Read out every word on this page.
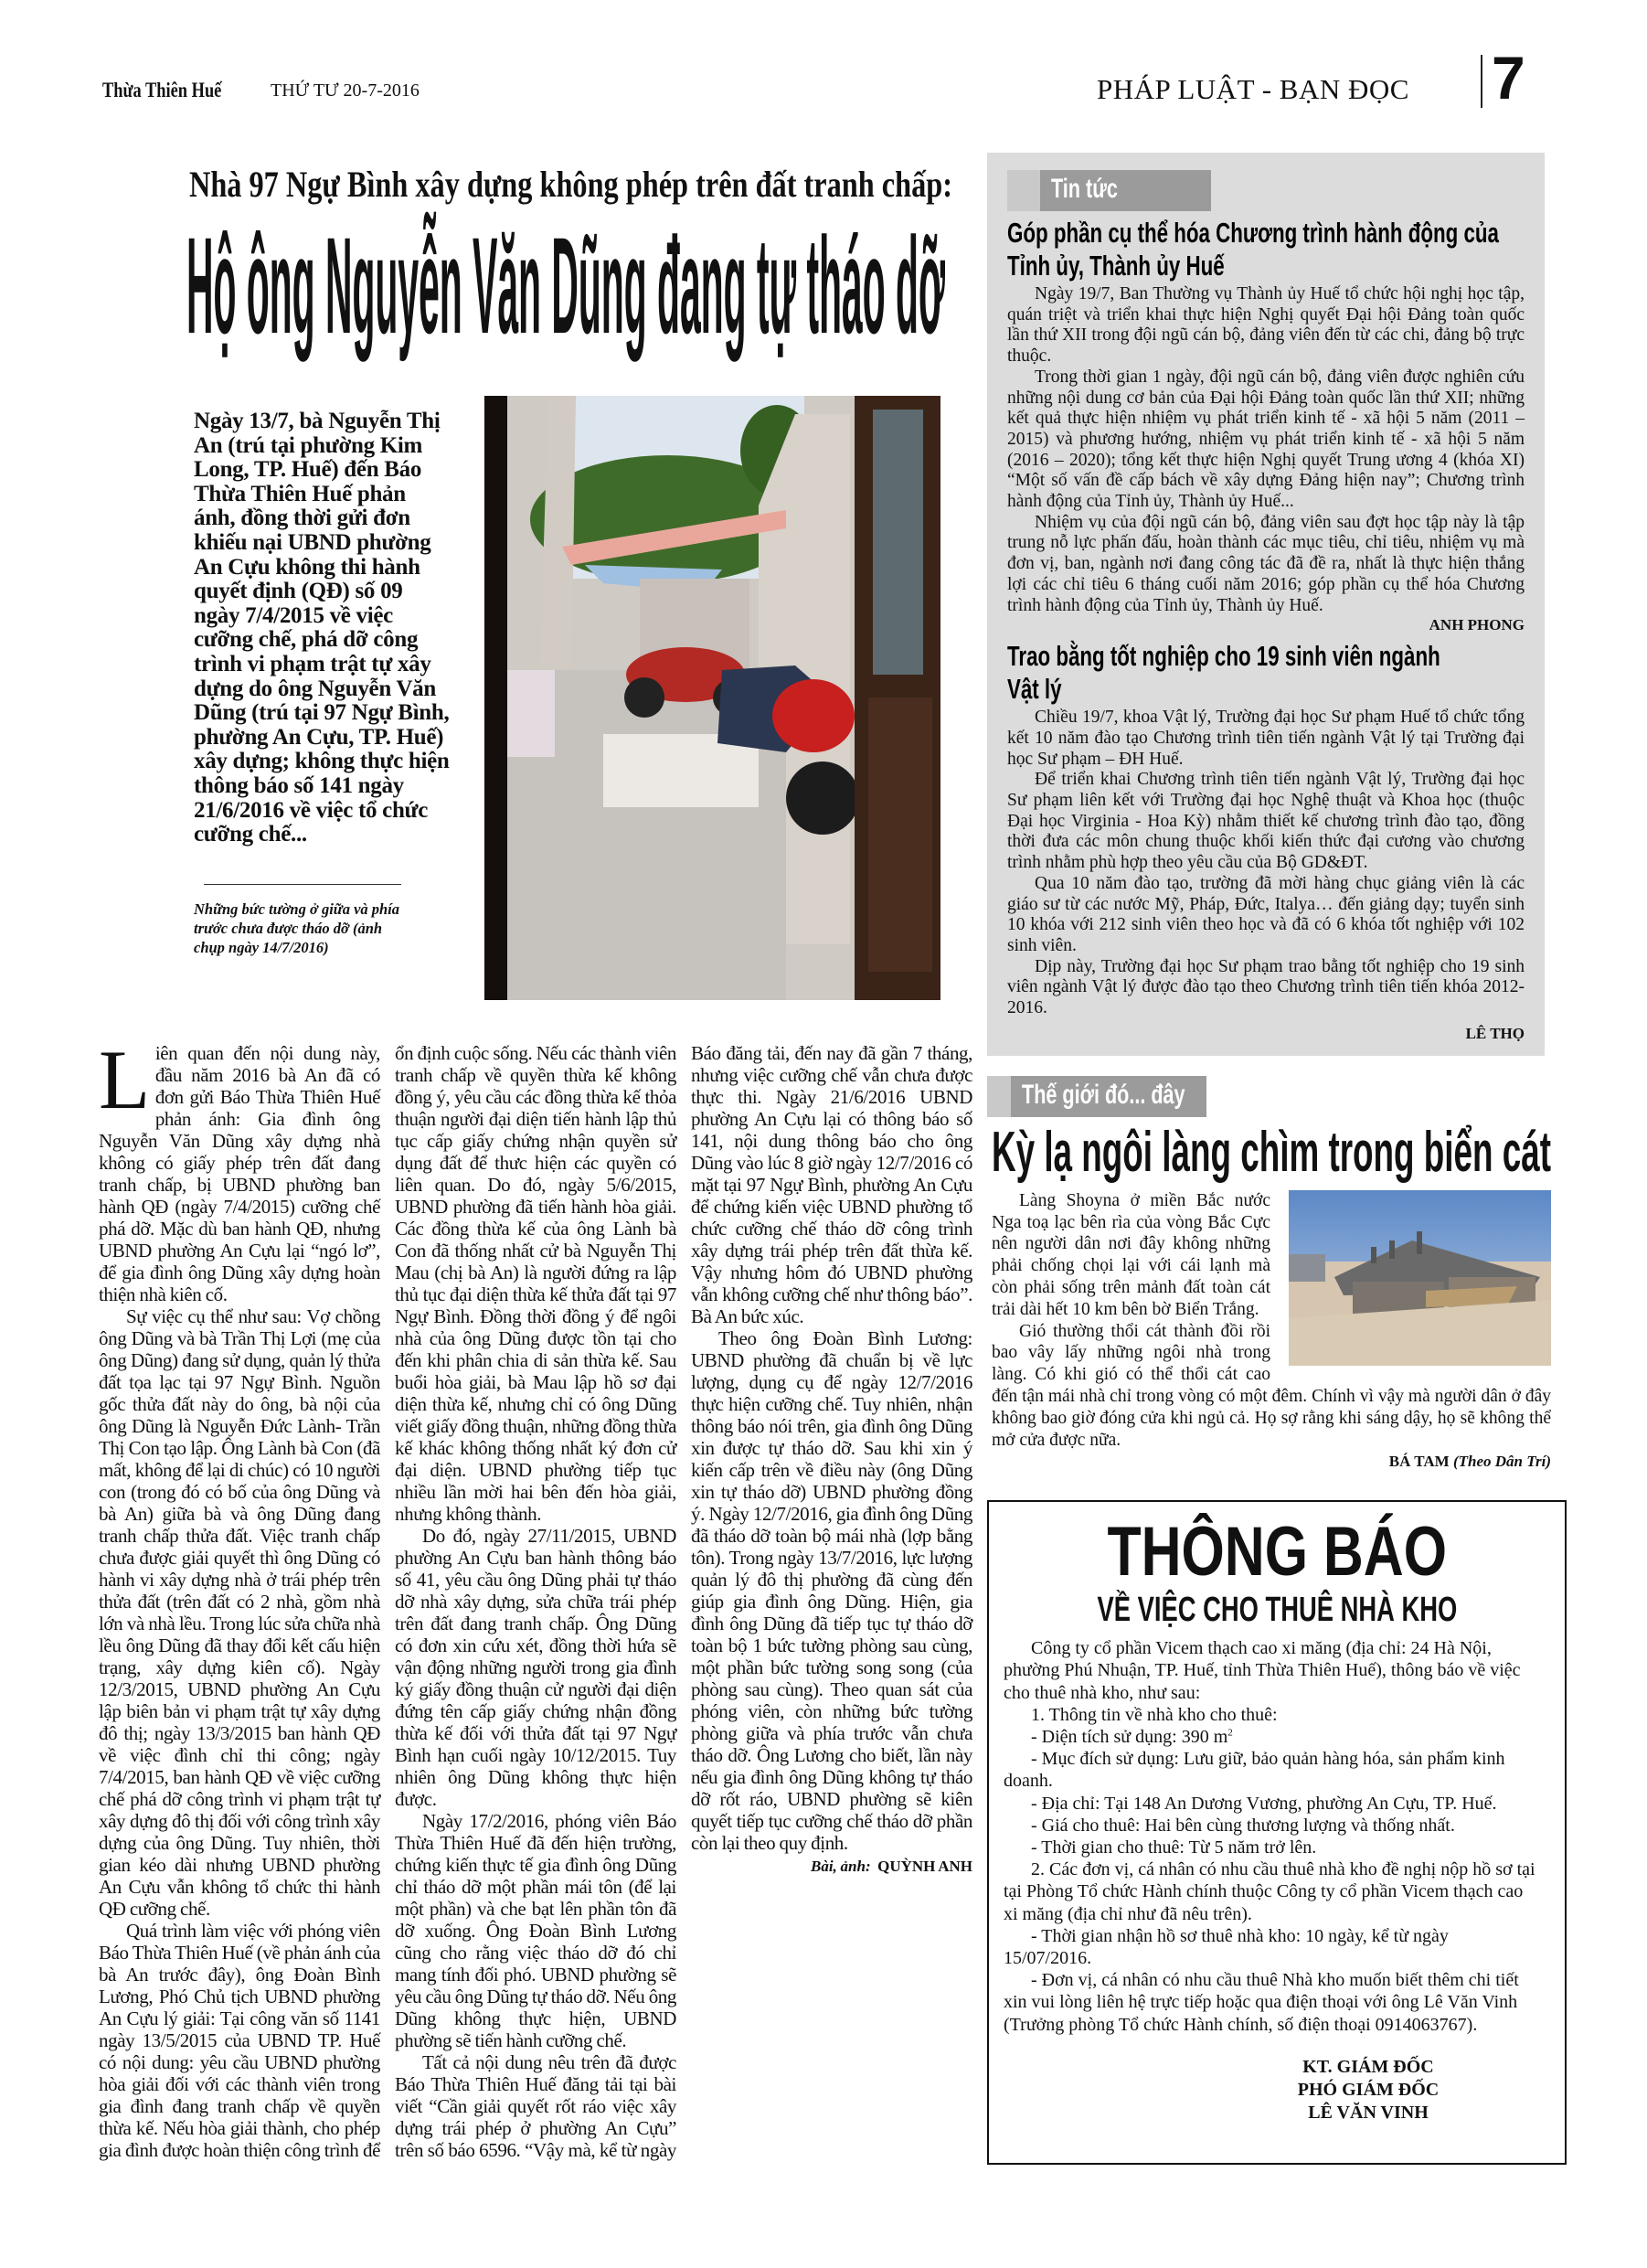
Thừa Thiên Huế	THỨ TƯ 20-7-2016	PHÁP LUẬT - BẠN ĐỌC 7
Nhà 97 Ngự Bình xây dựng không phép trên đất tranh chấp:
Hộ ông Nguyễn Văn Dũng đang tự tháo dỡ
Ngày 13/7, bà Nguyễn Thị An (trú tại phường Kim Long, TP. Huế) đến Báo Thừa Thiên Huế phản ánh, đồng thời gửi đơn khiếu nại UBND phường An Cựu không thi hành quyết định (QĐ) số 09 ngày 7/4/2015 về việc cưỡng chế, phá dỡ công trình vi phạm trật tự xây dựng do ông Nguyễn Văn Dũng (trú tại 97 Ngự Bình, phường An Cựu, TP. Huế) xây dựng; không thực hiện thông báo số 141 ngày 21/6/2016 về việc tổ chức cưỡng chế...
Những bức tường ở giữa và phía trước chưa được tháo dỡ (ảnh chụp ngày 14/7/2016)

Liên quan đến nội dung này, đầu năm 2016 bà An đã có đơn gửi Báo Thừa Thiên Huế phản ánh: Gia đình ông Nguyễn Văn Dũng xây dựng nhà không có giấy phép trên đất đang tranh chấp, bị UBND phường ban hành QĐ (ngày 7/4/2015) cưỡng chế phá dỡ. Mặc dù ban hành QĐ, nhưng UBND phường An Cựu lại “ngó lơ”, để gia đình ông Dũng xây dựng hoàn thiện nhà kiên cố.

Sự việc cụ thể như sau: Vợ chồng ông Dũng và bà Trần Thị Lợi (mẹ của ông Dũng) đang sử dụng, quản lý thửa đất tọa lạc tại 97 Ngự Bình. Nguồn gốc thửa đất này do ông, bà nội của ông Dũng là Nguyễn Đức Lành- Trần Thị Con tạo lập. Ông Lành bà Con (đã mất, không để lại di chúc) có 10 người con (trong đó có bố của ông Dũng và bà An) giữa bà và ông Dũng đang tranh chấp thửa đất. Việc tranh chấp chưa được giải quyết thì ông Dũng có hành vi xây dựng nhà ở trái phép trên thửa đất (trên đất có 2 nhà, gồm nhà lớn và nhà lều. Trong lúc sửa chữa nhà lều ông Dũng đã thay đổi kết cấu hiện trạng, xây dựng kiên cố). Ngày 12/3/2015, UBND phường An Cựu lập biên bản vi phạm trật tự xây dựng đô thị; ngày 13/3/2015 ban hành QĐ về việc đình chỉ thi công; ngày 7/4/2015, ban hành QĐ về việc cưỡng chế phá dỡ công trình vi phạm trật tự xây dựng đô thị đối với công trình xây dựng của ông Dũng. Tuy nhiên, thời gian kéo dài nhưng UBND phường An Cựu vẫn không tổ chức thi hành QĐ cưỡng chế.

Quá trình làm việc với phóng viên Báo Thừa Thiên Huế (về phản ánh của bà An trước đây), ông Đoàn Bình Lương, Phó Chủ tịch UBND phường An Cựu lý giải: Tại công văn số 1141 ngày 13/5/2015 của UBND TP. Huế có nội dung: yêu cầu UBND phường hòa giải đối với các thành viên trong gia đình đang tranh chấp về quyền thừa kế. Nếu hòa giải thành, cho phép gia đình được hoàn thiện công trình để ổn định cuộc sống. Nếu các thành viên tranh chấp về quyền thừa kế không đồng ý, yêu cầu các đồng thừa kế thỏa thuận người đại diện tiến hành lập thủ tục cấp giấy chứng nhận quyền sử dụng đất để thưc hiện các quyền có liên quan. Do đó, ngày 5/6/2015, UBND phường đã tiến hành hòa giải. Các đồng thừa kế của ông Lành bà Con đã thống nhất cử bà Nguyễn Thị Mau (chị bà An) là người đứng ra lập thủ tục đại diện thừa kế thửa đất tại 97 Ngự Bình. Đồng thời đồng ý để ngôi nhà của ông Dũng được tồn tại cho đến khi phân chia di sản thừa kế. Sau buổi hòa giải, bà Mau lập hồ sơ đại diện thừa kế, nhưng chỉ có ông Dũng viết giấy đồng thuận, những đồng thừa kế khác không thống nhất ký đơn cử đại diện. UBND phường tiếp tục nhiều lần mời hai bên đến hòa giải, nhưng không thành.

Do đó, ngày 27/11/2015, UBND phường An Cựu ban hành thông báo số 41, yêu cầu ông Dũng phải tự tháo dỡ nhà xây dựng, sửa chữa trái phép trên đất đang tranh chấp. Ông Dũng có đơn xin cứu xét, đồng thời hứa sẽ vận động những người trong gia đình ký giấy đồng thuận cử người đại diện đứng tên cấp giấy chứng nhận đồng thừa kế đối với thửa đất tại 97 Ngự Bình hạn cuối ngày 10/12/2015. Tuy nhiên ông Dũng không thực hiện được.

Ngày 17/2/2016, phóng viên Báo Thừa Thiên Huế đã đến hiện trường, chứng kiến thực tế gia đình ông Dũng chỉ tháo dỡ một phần mái tôn (để lại một phần) và che bạt lên phần tôn đã dỡ xuống. Ông Đoàn Bình Lương cũng cho rằng việc tháo dỡ đó chỉ mang tính đối phó. UBND phường sẽ yêu cầu ông Dũng tự tháo dỡ. Nếu ông Dũng không thực hiện, UBND phường sẽ tiến hành cưỡng chế.

Tất cả nội dung nêu trên đã được Báo Thừa Thiên Huế đăng tải tại bài viết “Cần giải quyết rốt ráo việc xây dựng trái phép ở phường An Cựu” trên số báo 6596. “Vậy mà, kể từ ngày Báo đăng tải, đến nay đã gần 7 tháng, nhưng việc cưỡng chế vẫn chưa được thực thi. Ngày 21/6/2016 UBND phường An Cựu lại có thông báo số 141, nội dung thông báo cho ông Dũng vào lúc 8 giờ ngày 12/7/2016 có mặt tại 97 Ngự Bình, phường An Cựu để chứng kiến việc UBND phường tổ chức cưỡng chế tháo dỡ công trình xây dựng trái phép trên đất thừa kế. Vậy nhưng hôm đó UBND phường vẫn không cưỡng chế như thông báo”. Bà An bức xúc.

Theo ông Đoàn Bình Lương: UBND phường đã chuẩn bị về lực lượng, dụng cụ để ngày 12/7/2016 thực hiện cưỡng chế. Tuy nhiên, nhận thông báo nói trên, gia đình ông Dũng xin được tự tháo dỡ. Sau khi xin ý kiến cấp trên về điều này (ông Dũng xin tự tháo dỡ) UBND phường đồng ý. Ngày 12/7/2016, gia đình ông Dũng đã tháo dỡ toàn bộ mái nhà (lợp bằng tôn). Trong ngày 13/7/2016, lực lượng quản lý đô thị phường đã cùng đến giúp gia đình ông Dũng. Hiện, gia đình ông Dũng đã tiếp tục tự tháo dỡ toàn bộ 1 bức tường phòng sau cùng, một phần bức tường song song (của phòng sau cùng). Theo quan sát của phóng viên, còn những bức tường phòng giữa và phía trước vẫn chưa tháo dỡ. Ông Lương cho biết, lần này nếu gia đình ông Dũng không tự tháo dỡ rốt ráo, UBND phường sẽ kiên quyết tiếp tục cưỡng chế tháo dỡ phần còn lại theo quy định.

Bài, ảnh: QUỲNH ANH
Tin tức
Góp phần cụ thể hóa Chương trình hành động của Tỉnh ủy, Thành ủy Huế

Ngày 19/7, Ban Thường vụ Thành ủy Huế tổ chức hội nghị học tập, quán triệt và triển khai thực hiện Nghị quyết Đại hội Đảng toàn quốc lần thứ XII trong đội ngũ cán bộ, đảng viên đến từ các chi, đảng bộ trực thuộc.

Trong thời gian 1 ngày, đội ngũ cán bộ, đảng viên được nghiên cứu những nội dung cơ bản của Đại hội Đảng toàn quốc lần thứ XII; những kết quả thực hiện nhiệm vụ phát triển kinh tế - xã hội 5 năm (2011 – 2015) và phương hướng, nhiệm vụ phát triển kinh tế - xã hội 5 năm (2016 – 2020); tổng kết thực hiện Nghị quyết Trung ương 4 (khóa XI) “Một số vấn đề cấp bách về xây dựng Đảng hiện nay”; Chương trình hành động của Tỉnh ủy, Thành ủy Huế...

Nhiệm vụ của đội ngũ cán bộ, đảng viên sau đợt học tập này là tập trung nỗ lực phấn đấu, hoàn thành các mục tiêu, chỉ tiêu, nhiệm vụ mà đơn vị, ban, ngành nơi đang công tác đã đề ra, nhất là thực hiện thắng lợi các chỉ tiêu 6 tháng cuối năm 2016; góp phần cụ thể hóa Chương trình hành động của Tỉnh ủy, Thành ủy Huế.

ANH PHONG
Trao bằng tốt nghiệp cho 19 sinh viên ngành Vật lý

Chiều 19/7, khoa Vật lý, Trường đại học Sư phạm Huế tổ chức tổng kết 10 năm đào tạo Chương trình tiên tiến ngành Vật lý tại Trường đại học Sư phạm – ĐH Huế.

Để triển khai Chương trình tiên tiến ngành Vật lý, Trường đại học Sư phạm liên kết với Trường đại học Nghệ thuật và Khoa học (thuộc Đại học Virginia - Hoa Kỳ) nhằm thiết kế chương trình đào tạo, đồng thời đưa các môn chung thuộc khối kiến thức đại cương vào chương trình nhằm phù hợp theo yêu cầu của Bộ GD&ĐT.

Qua 10 năm đào tạo, trường đã mời hàng chục giảng viên là các giáo sư từ các nước Mỹ, Pháp, Đức, Italya… đến giảng dạy; tuyển sinh 10 khóa với 212 sinh viên theo học và đã có 6 khóa tốt nghiệp với 102 sinh viên.

Dịp này, Trường đại học Sư phạm trao bằng tốt nghiệp cho 19 sinh viên ngành Vật lý được đào tạo theo Chương trình tiên tiến khóa 2012-2016.

LÊ THỌ
Thế giới đó... đây
Kỳ lạ ngôi làng chìm trong biển cát

Làng Shoyna ở miền Bắc nước Nga toạ lạc bên rìa của vòng Bắc Cực nên người dân nơi đây không những phải chống chọi lại với cái lạnh mà còn phải sống trên mảnh đất toàn cát trải dài hết 10 km bên bờ Biển Trắng.

Gió thường thổi cát thành đồi rồi bao vây lấy những ngôi nhà trong làng. Có khi gió có thể thổi cát cao đến tận mái nhà chỉ trong vòng có một đêm. Chính vì vậy mà người dân ở đây không bao giờ đóng cửa khi ngủ cả. Họ sợ rằng khi sáng dậy, họ sẽ không thể mở cửa được nữa.

BÁ TAM (Theo Dân Trí)
THÔNG BÁO
VỀ VIỆC CHO THUÊ NHÀ KHO

Công ty cổ phần Vicem thạch cao xi măng (địa chỉ: 24 Hà Nội, phường Phú Nhuận, TP. Huế, tỉnh Thừa Thiên Huế), thông báo về việc cho thuê nhà kho, như sau:

1. Thông tin về nhà kho cho thuê:

- Diện tích sử dụng: 390 $m^2$

- Mục đích sử dụng: Lưu giữ, bảo quản hàng hóa, sản phẩm kinh doanh.

- Địa chỉ: Tại 148 An Dương Vương, phường An Cựu, TP. Huế.

- Giá cho thuê: Hai bên cùng thương lượng và thống nhất.

- Thời gian cho thuê: Từ 5 năm trở lên.

2. Các đơn vị, cá nhân có nhu cầu thuê nhà kho đề nghị nộp hồ sơ tại tại Phòng Tổ chức Hành chính thuộc Công ty cổ phần Vicem thạch cao xi măng (địa chỉ như đã nêu trên).

- Thời gian nhận hồ sơ thuê nhà kho: 10 ngày, kể từ ngày 15/07/2016.

- Đơn vị, cá nhân có nhu cầu thuê Nhà kho muốn biết thêm chi tiết xin vui lòng liên hệ trực tiếp hoặc qua điện thoại với ông Lê Văn Vinh (Trưởng phòng Tổ chức Hành chính, số điện thoại 0914063767).

KT. GIÁM ĐỐC
PHÓ GIÁM ĐỐC
LÊ VĂN VINH
